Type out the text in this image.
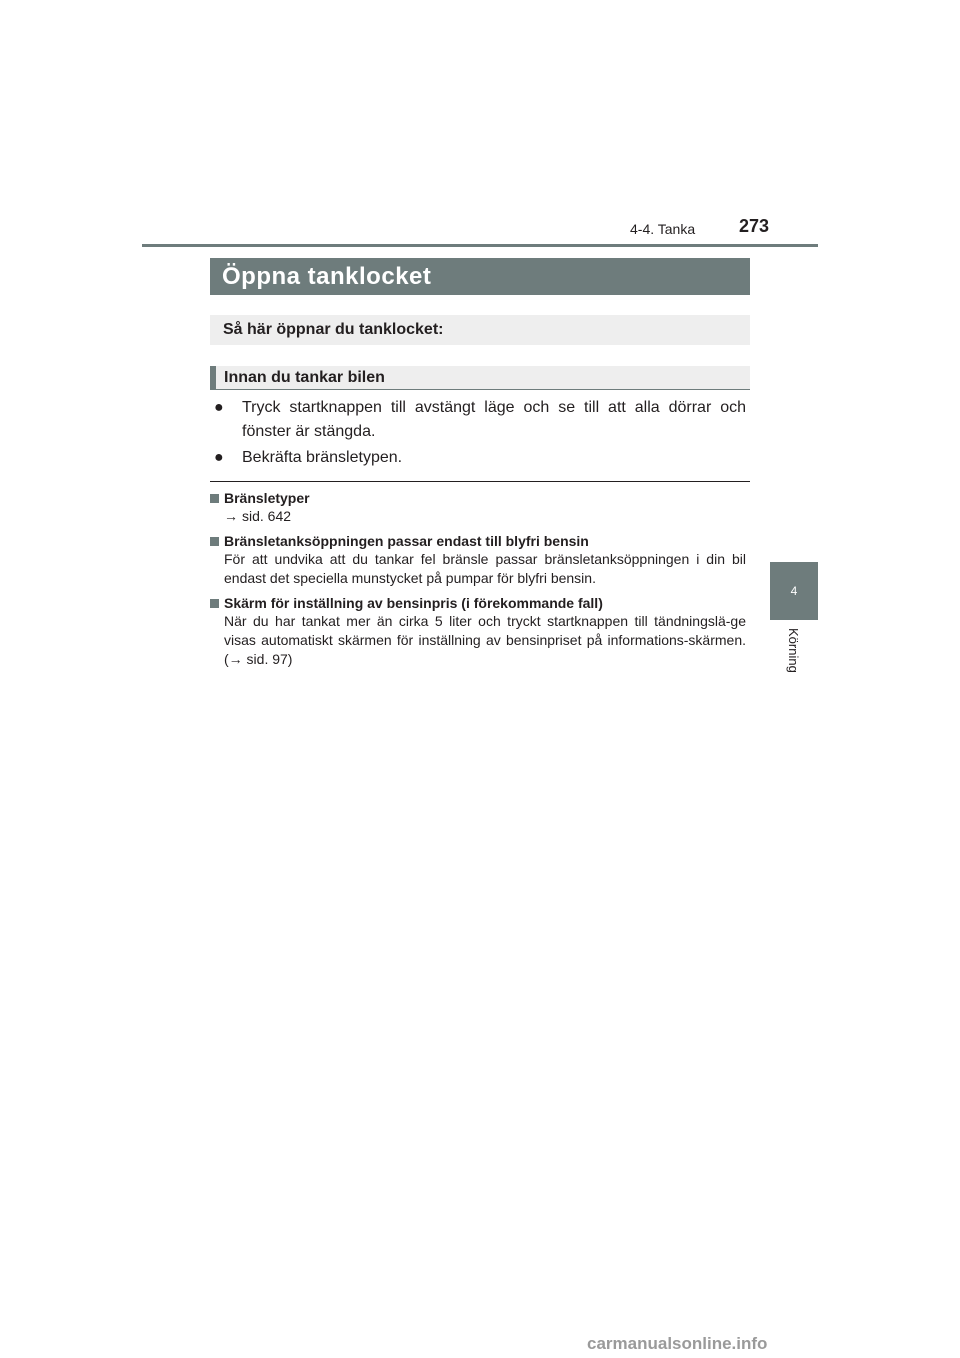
4-4. Tanka 273
4
Körning
Öppna tanklocket
Så här öppnar du tanklocket:
Innan du tankar bilen
●	Tryck startknappen till avstängt läge och se till att alla dörrar och fönster är stängda.
●	Bekräfta bränsletypen.
Bränsletyper
→ sid. 642
Bränsletanksöppningen passar endast till blyfri bensin
För att undvika att du tankar fel bränsle passar bränsletanksöppningen i din bil endast det speciella munstycket på pumpar för blyfri bensin.
Skärm för inställning av bensinpris (i förekommande fall)
När du har tankat mer än cirka 5 liter och tryckt startknappen till tändningslä-ge visas automatiskt skärmen för inställning av bensinpriset på informations-skärmen. (→ sid. 97)
carmanualsonline.info
